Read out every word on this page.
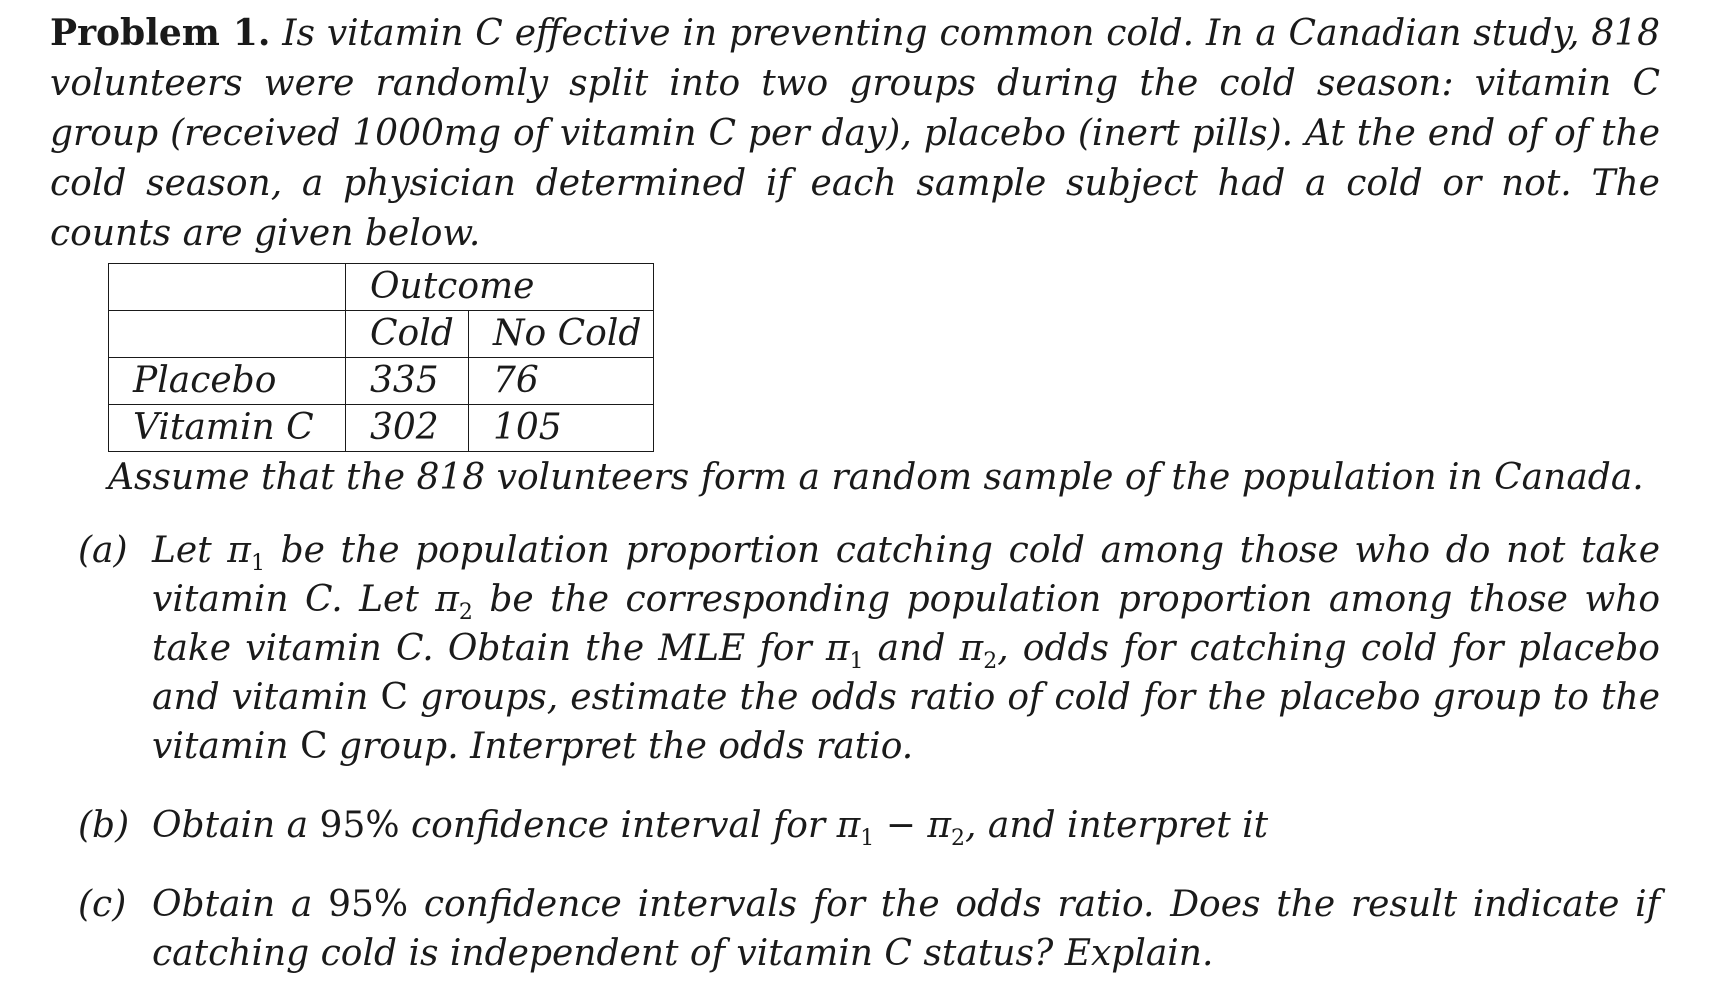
Problem 1. Is vitamin C effective in preventing common cold. In a Canadian study, 818 volunteers were randomly split into two groups during the cold season: vitamin C group (received 1000mg of vitamin C per day), placebo (inert pills). At the end of of the cold season, a physician determined if each sample subject had a cold or not. The counts are given below.

	Outcome	
	Cold	No Cold
Placebo	335	76
Vitamin C	302	105

Assume that the 818 volunteers form a random sample of the population in Canada.

(a) Let $\pi_1$ be the population proportion catching cold among those who do not take vitamin C. Let $\pi_2$ be the corresponding population proportion among those who take vitamin C. Obtain the MLE for $\pi_1$ and $\pi_2$, odds for catching cold for placebo and vitamin C groups, estimate the odds ratio of cold for the placebo group to the vitamin C group. Interpret the odds ratio.
(b) Obtain a 95% confidence interval for $\pi_1 - \pi_2$, and interpret it
(c) Obtain a 95% confidence intervals for the odds ratio. Does the result indicate if catching cold is independent of vitamin C status? Explain.
